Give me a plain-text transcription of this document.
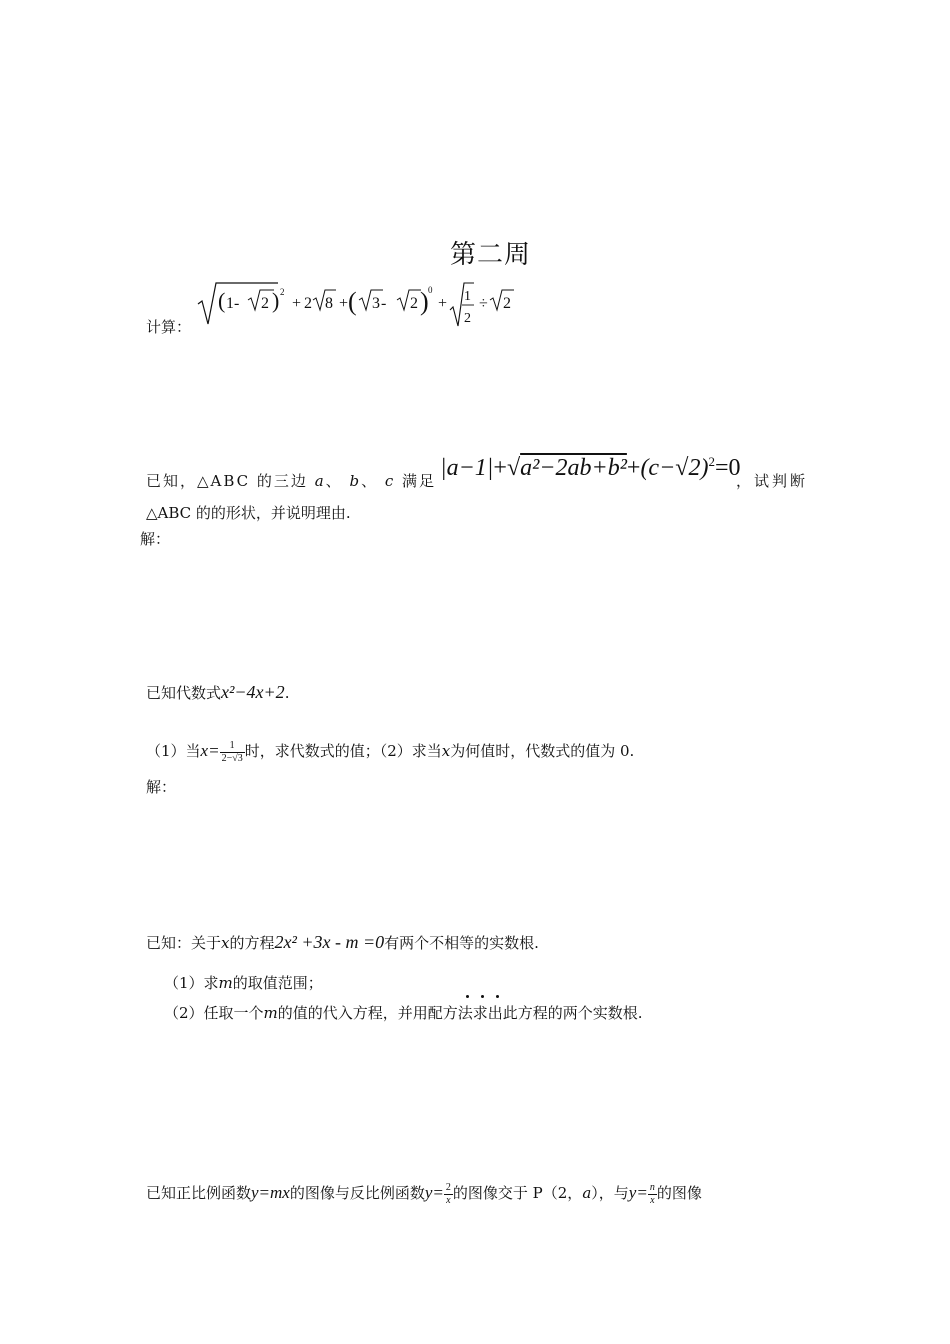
第二周
计算：
( 1- 2 ) 2
+ 2 8 + ( 3 - 2 ) 0
+ 1
2
÷ 2
已知，△ABC 的三边 a、 b、 c 满足 $|a-1|+√a^2-2ab+b^2+(c-√2)^2=0$
，试判断
△ABC 的的形状，并说明理由.
解：
已知代数式x²−4x+2.
（1）当$x= \frac{1}{2-√3}$ 时，求代数式的值；（2）求当x为何值时，代数式的值为 0.
解：
已知：关于x的方程2x² +3x - m =0有两个不相等的实数根.
（1）求m的取值范围；
（2）任取一个m的值的代入方程，并用配方法求出此方程的两个实数根.
已知正比例函数y=mx的图像与反比例函数$y= \frac{2}{x}$ 的图像交于 P（2，a），与$y= \frac{n}{x}$ 的图像
